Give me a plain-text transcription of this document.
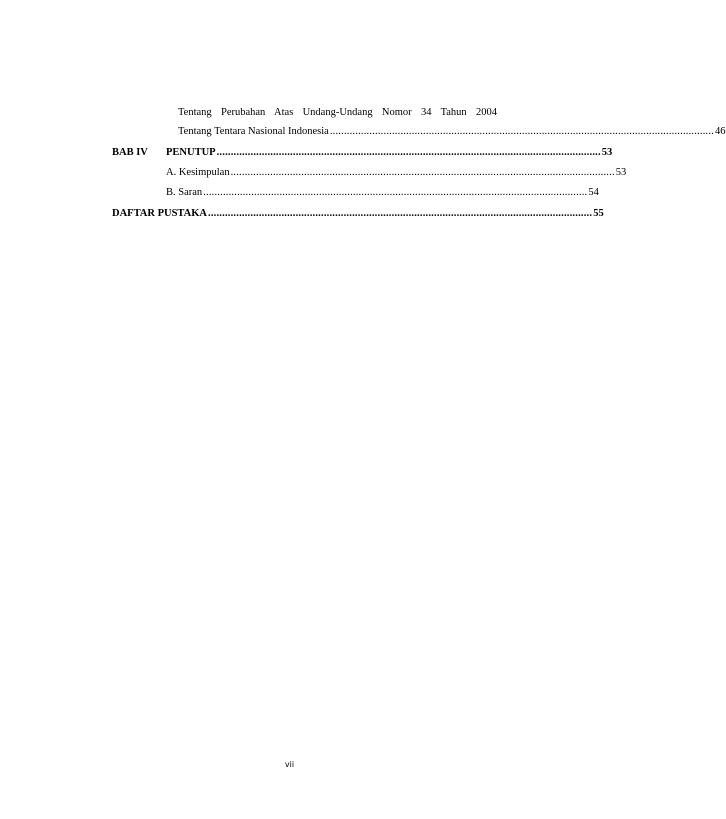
Tentang Perubahan Atas Undang-Undang Nomor 34 Tahun 2004
Tentang Tentara Nasional Indonesia ........................................................................................................................................ 46
BAB IV PENUTUP ........................................................................................................................................ 53
A. Kesimpulan ........................................................................................................................................ 53
B. Saran ........................................................................................................................................ 54
DAFTAR PUSTAKA ........................................................................................................................................ 55
vii
